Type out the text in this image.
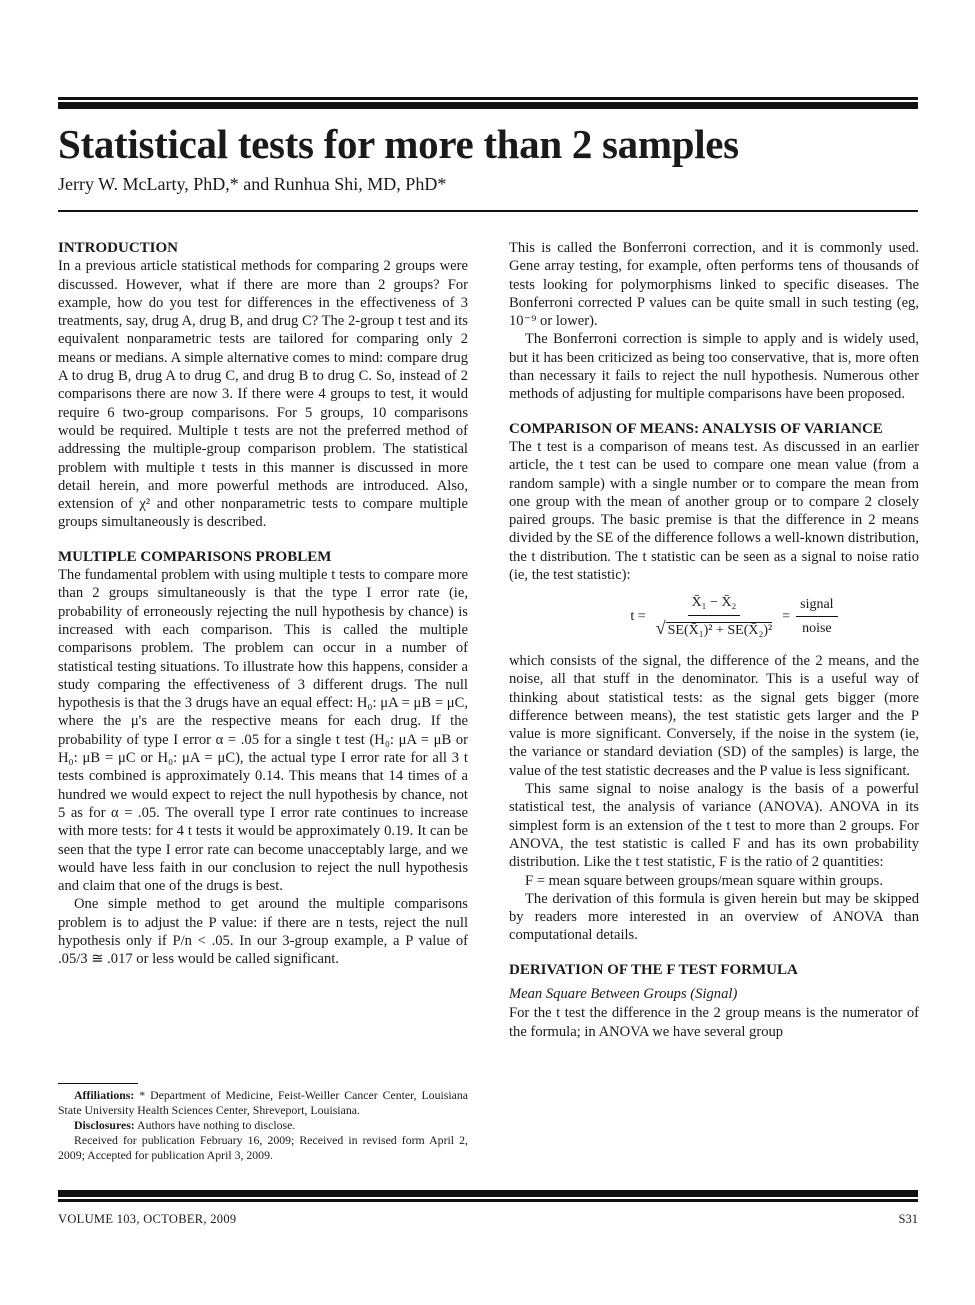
Statistical tests for more than 2 samples
Jerry W. McLarty, PhD,* and Runhua Shi, MD, PhD*
INTRODUCTION

In a previous article statistical methods for comparing 2 groups were discussed. However, what if there are more than 2 groups? For example, how do you test for differences in the effectiveness of 3 treatments, say, drug A, drug B, and drug C? The 2-group t test and its equivalent nonparametric tests are tailored for comparing only 2 means or medians. A simple alternative comes to mind: compare drug A to drug B, drug A to drug C, and drug B to drug C. So, instead of 2 comparisons there are now 3. If there were 4 groups to test, it would require 6 two-group comparisons. For 5 groups, 10 comparisons would be required. Multiple t tests are not the preferred method of addressing the multiple-group comparison problem. The statistical problem with multiple t tests in this manner is discussed in more detail herein, and more powerful methods are introduced. Also, extension of χ² and other nonparametric tests to compare multiple groups simultaneously is described.

MULTIPLE COMPARISONS PROBLEM

The fundamental problem with using multiple t tests to compare more than 2 groups simultaneously is that the type I error rate (ie, probability of erroneously rejecting the null hypothesis by chance) is increased with each comparison. This is called the multiple comparisons problem. The problem can occur in a number of statistical testing situations. To illustrate how this happens, consider a study comparing the effectiveness of 3 different drugs. The null hypothesis is that the 3 drugs have an equal effect: H₀: μA = μB = μC, where the μ's are the respective means for each drug. If the probability of type I error α = .05 for a single t test (H₀: μA = μB or H₀: μB = μC or H₀: μA = μC), the actual type I error rate for all 3 t tests combined is approximately 0.14. This means that 14 times of a hundred we would expect to reject the null hypothesis by chance, not 5 as for α = .05. The overall type I error rate continues to increase with more tests: for 4 t tests it would be approximately 0.19. It can be seen that the type I error rate can become unacceptably large, and we would have less faith in our conclusion to reject the null hypothesis and claim that one of the drugs is best.

One simple method to get around the multiple comparisons problem is to adjust the P value: if there are n tests, reject the null hypothesis only if P/n < .05. In our 3-group example, a P value of .05/3 ≅ .017 or less would be called significant.

Affiliations: * Department of Medicine, Feist-Weiller Cancer Center, Louisiana State University Health Sciences Center, Shreveport, Louisiana.

Disclosures: Authors have nothing to disclose.

Received for publication February 16, 2009; Received in revised form April 2, 2009; Accepted for publication April 3, 2009.

This is called the Bonferroni correction, and it is commonly used. Gene array testing, for example, often performs tens of thousands of tests looking for polymorphisms linked to specific diseases. The Bonferroni corrected P values can be quite small in such testing (eg, 10⁻⁹ or lower).

The Bonferroni correction is simple to apply and is widely used, but it has been criticized as being too conservative, that is, more often than necessary it fails to reject the null hypothesis. Numerous other methods of adjusting for multiple comparisons have been proposed.

COMPARISON OF MEANS: ANALYSIS OF VARIANCE

The t test is a comparison of means test. As discussed in an earlier article, the t test can be used to compare one mean value (from a random sample) with a single number or to compare the mean from one group with the mean of another group or to compare 2 closely paired groups. The basic premise is that the difference in 2 means divided by the SE of the difference follows a well-known distribution, the t distribution. The t statistic can be seen as a signal to noise ratio (ie, the test statistic):

$t = \frac{\text{X̄₁ − X̄₂}}{\text{√ SE(X̄₁)² + SE(X̄₂)²}} = \frac{\text{signal}}{\text{noise}}$

which consists of the signal, the difference of the 2 means, and the noise, all that stuff in the denominator. This is a useful way of thinking about statistical tests: as the signal gets bigger (more difference between means), the test statistic gets larger and the P value is more significant. Conversely, if the noise in the system (ie, the variance or standard deviation (SD) of the samples) is large, the value of the test statistic decreases and the P value is less significant.

This same signal to noise analogy is the basis of a powerful statistical test, the analysis of variance (ANOVA). ANOVA in its simplest form is an extension of the t test to more than 2 groups. For ANOVA, the test statistic is called F and has its own probability distribution. Like the t test statistic, F is the ratio of 2 quantities:

F = mean square between groups/mean square within groups.

The derivation of this formula is given herein but may be skipped by readers more interested in an overview of ANOVA than computational details.

DERIVATION OF THE F TEST FORMULA

Mean Square Between Groups (Signal)

For the t test the difference in the 2 group means is the numerator of the formula; in ANOVA we have several group

VOLUME 103, OCTOBER, 2009	S31
